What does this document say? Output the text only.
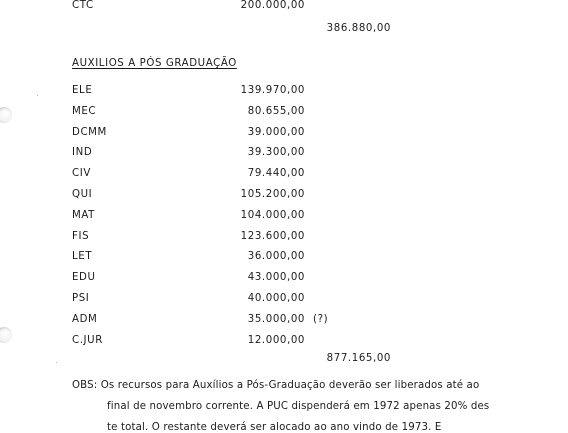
CTC	200.000,00
386.880,00
AUXILIOS A PÓS GRADUAÇÃO
ELE	139.970,00
MEC	80.655,00
DCMM	39.000,00
IND	39.300,00
CIV	79.440,00
QUI	105.200,00
MAT	104.000,00
FIS	123.600,00
LET	36.000,00
EDU	43.000,00
PSI	40.000,00
ADM	35.000,00 (?)
C.JUR	12.000,00
877.165,00
OBS: Os recursos para Auxílios a Pós-Graduação deverão ser liberados até ao
final de novembro corrente. A PUC dispenderá em 1972 apenas 20% des
te total. O restante deverá ser alocado ao ano vindo de 1973. E
